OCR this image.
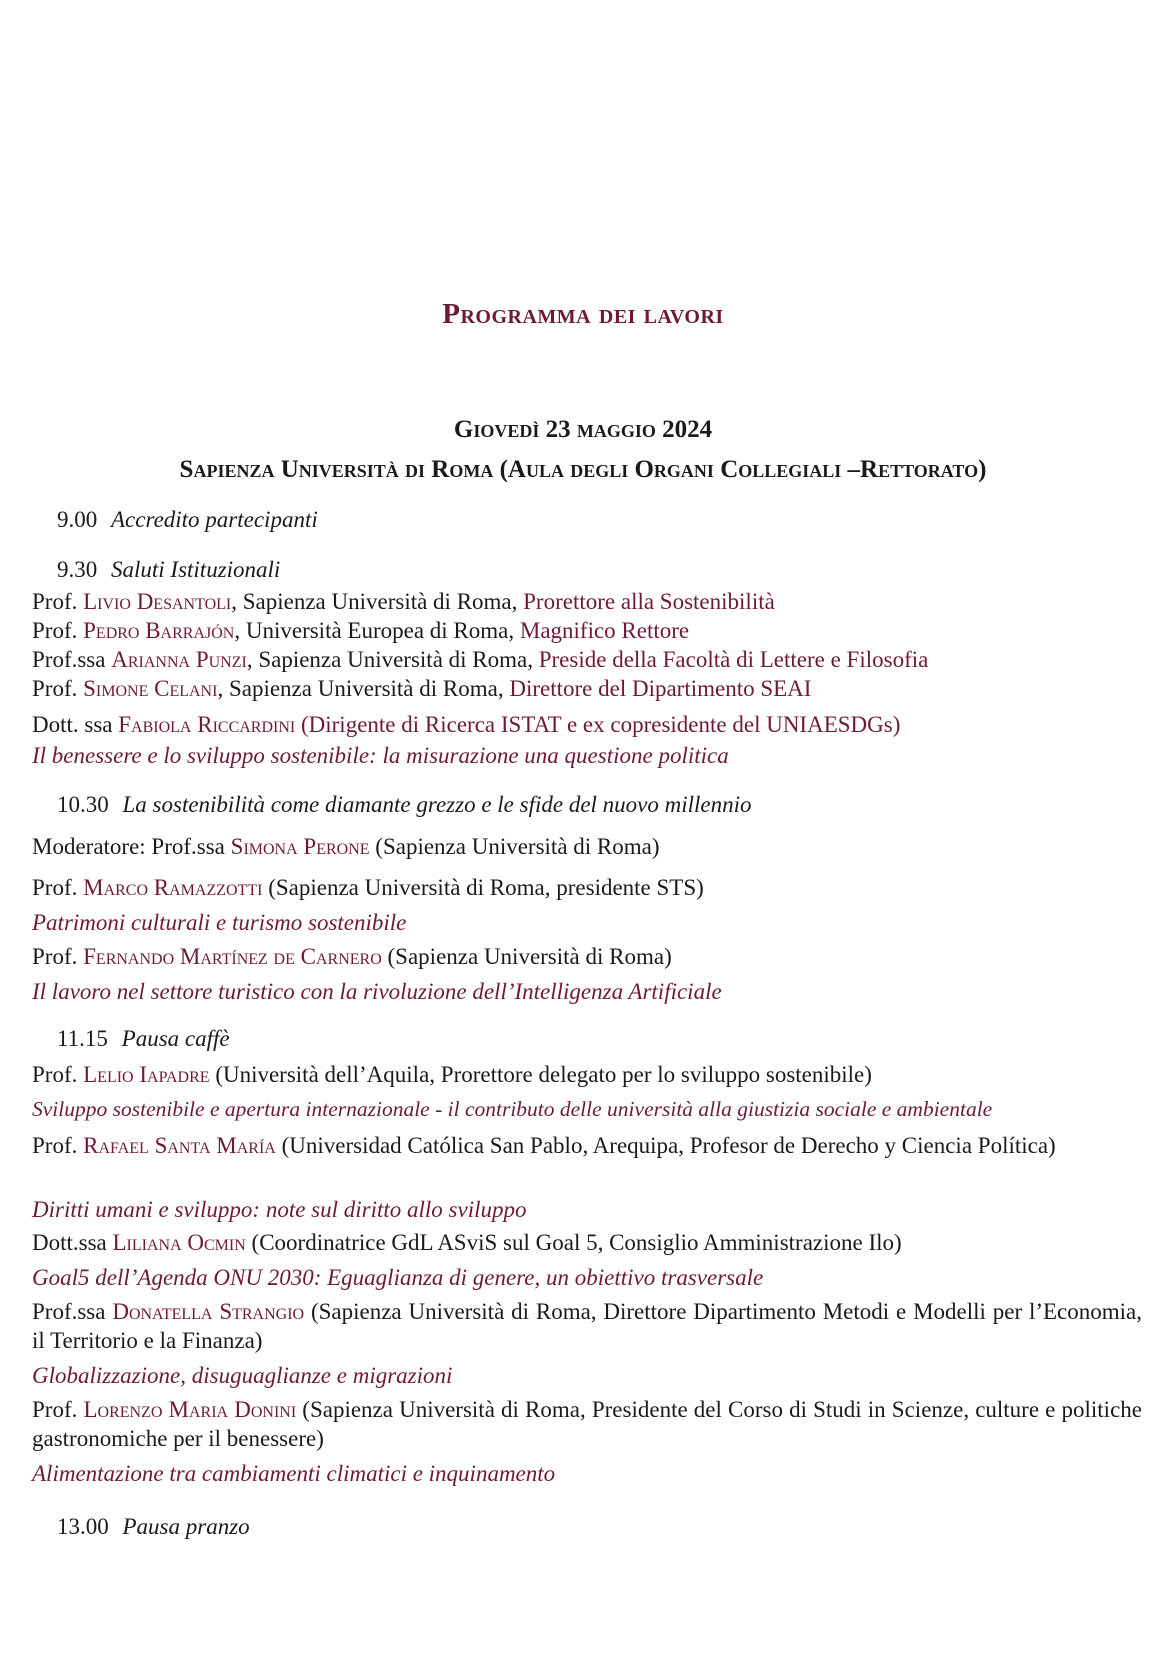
Programma dei lavori
Giovedì 23 maggio 2024
Sapienza Università di Roma (Aula degli Organi Collegiali –Rettorato)
9.00 Accredito partecipanti
9.30 Saluti Istituzionali
Prof. Livio Desantoli, Sapienza Università di Roma, Prorettore alla Sostenibilità
Prof. Pedro Barrajón, Università Europea di Roma, Magnifico Rettore
Prof.ssa Arianna Punzi, Sapienza Università di Roma, Preside della Facoltà di Lettere e Filosofia
Prof. Simone Celani, Sapienza Università di Roma, Direttore del Dipartimento SEAI
Dott. ssa Fabiola Riccardini (Dirigente di Ricerca ISTAT e ex copresidente del UNIAESDGs)
Il benessere e lo sviluppo sostenibile: la misurazione una questione politica
10.30 La sostenibilità come diamante grezzo e le sfide del nuovo millennio
Moderatore: Prof.ssa Simona Perone (Sapienza Università di Roma)
Prof. Marco Ramazzotti (Sapienza Università di Roma, presidente STS)
Patrimoni culturali e turismo sostenibile
Prof. Fernando Martínez de Carnero (Sapienza Università di Roma)
Il lavoro nel settore turistico con la rivoluzione dell’Intelligenza Artificiale
11.15 Pausa caffè
Prof. Lelio Iapadre (Università dell’Aquila, Prorettore delegato per lo sviluppo sostenibile)
Sviluppo sostenibile e apertura internazionale - il contributo delle università alla giustizia sociale e ambientale
Prof. Rafael Santa María (Universidad Católica San Pablo, Arequipa, Profesor de Derecho y Ciencia Política)
Diritti umani e sviluppo: note sul diritto allo sviluppo
Dott.ssa Liliana Ocmin (Coordinatrice GdL ASviS sul Goal 5, Consiglio Amministrazione Ilo)
Goal5 dell’Agenda ONU 2030: Eguaglianza di genere, un obiettivo trasversale
Prof.ssa Donatella Strangio (Sapienza Università di Roma, Direttore Dipartimento Metodi e Modelli per l’Economia, il Territorio e la Finanza)
Globalizzazione, disuguaglianze e migrazioni
Prof. Lorenzo Maria Donini (Sapienza Università di Roma, Presidente del Corso di Studi in Scienze, culture e politiche gastronomiche per il benessere)
Alimentazione tra cambiamenti climatici e inquinamento
13.00 Pausa pranzo
